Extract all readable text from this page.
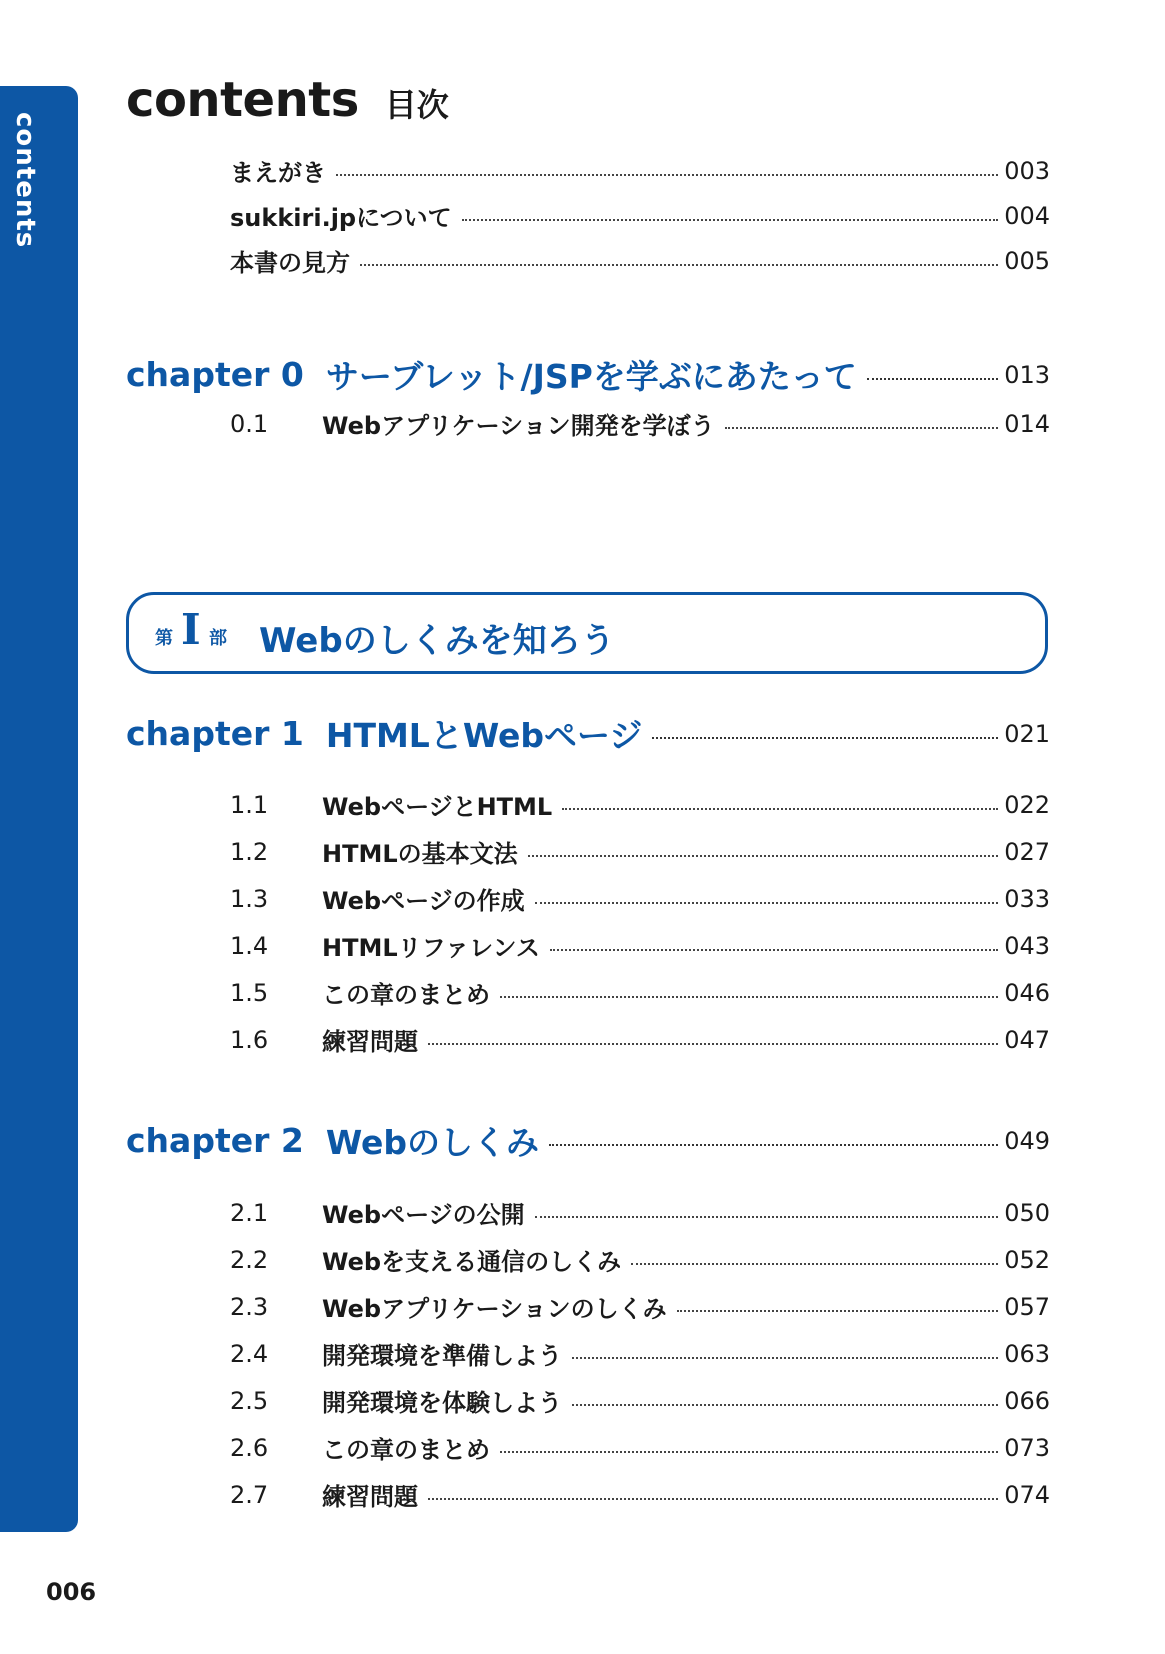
contents
contents 目次
まえがき	003
sukkiri.jpについて	004
本書の見方	005
chapter 0 サーブレット/JSPを学ぶにあたって	013
0.1	Webアプリケーション開発を学ぼう	014
第 I 部 Webのしくみを知ろう
chapter 1 HTMLとWebページ	021
1.1	WebページとHTML	022
1.2	HTMLの基本文法	027
1.3	Webページの作成	033
1.4	HTMLリファレンス	043
1.5	この章のまとめ	046
1.6	練習問題	047
chapter 2 Webのしくみ	049
2.1	Webページの公開	050
2.2	Webを支える通信のしくみ	052
2.3	Webアプリケーションのしくみ	057
2.4	開発環境を準備しよう	063
2.5	開発環境を体験しよう	066
2.6	この章のまとめ	073
2.7	練習問題	074
006
